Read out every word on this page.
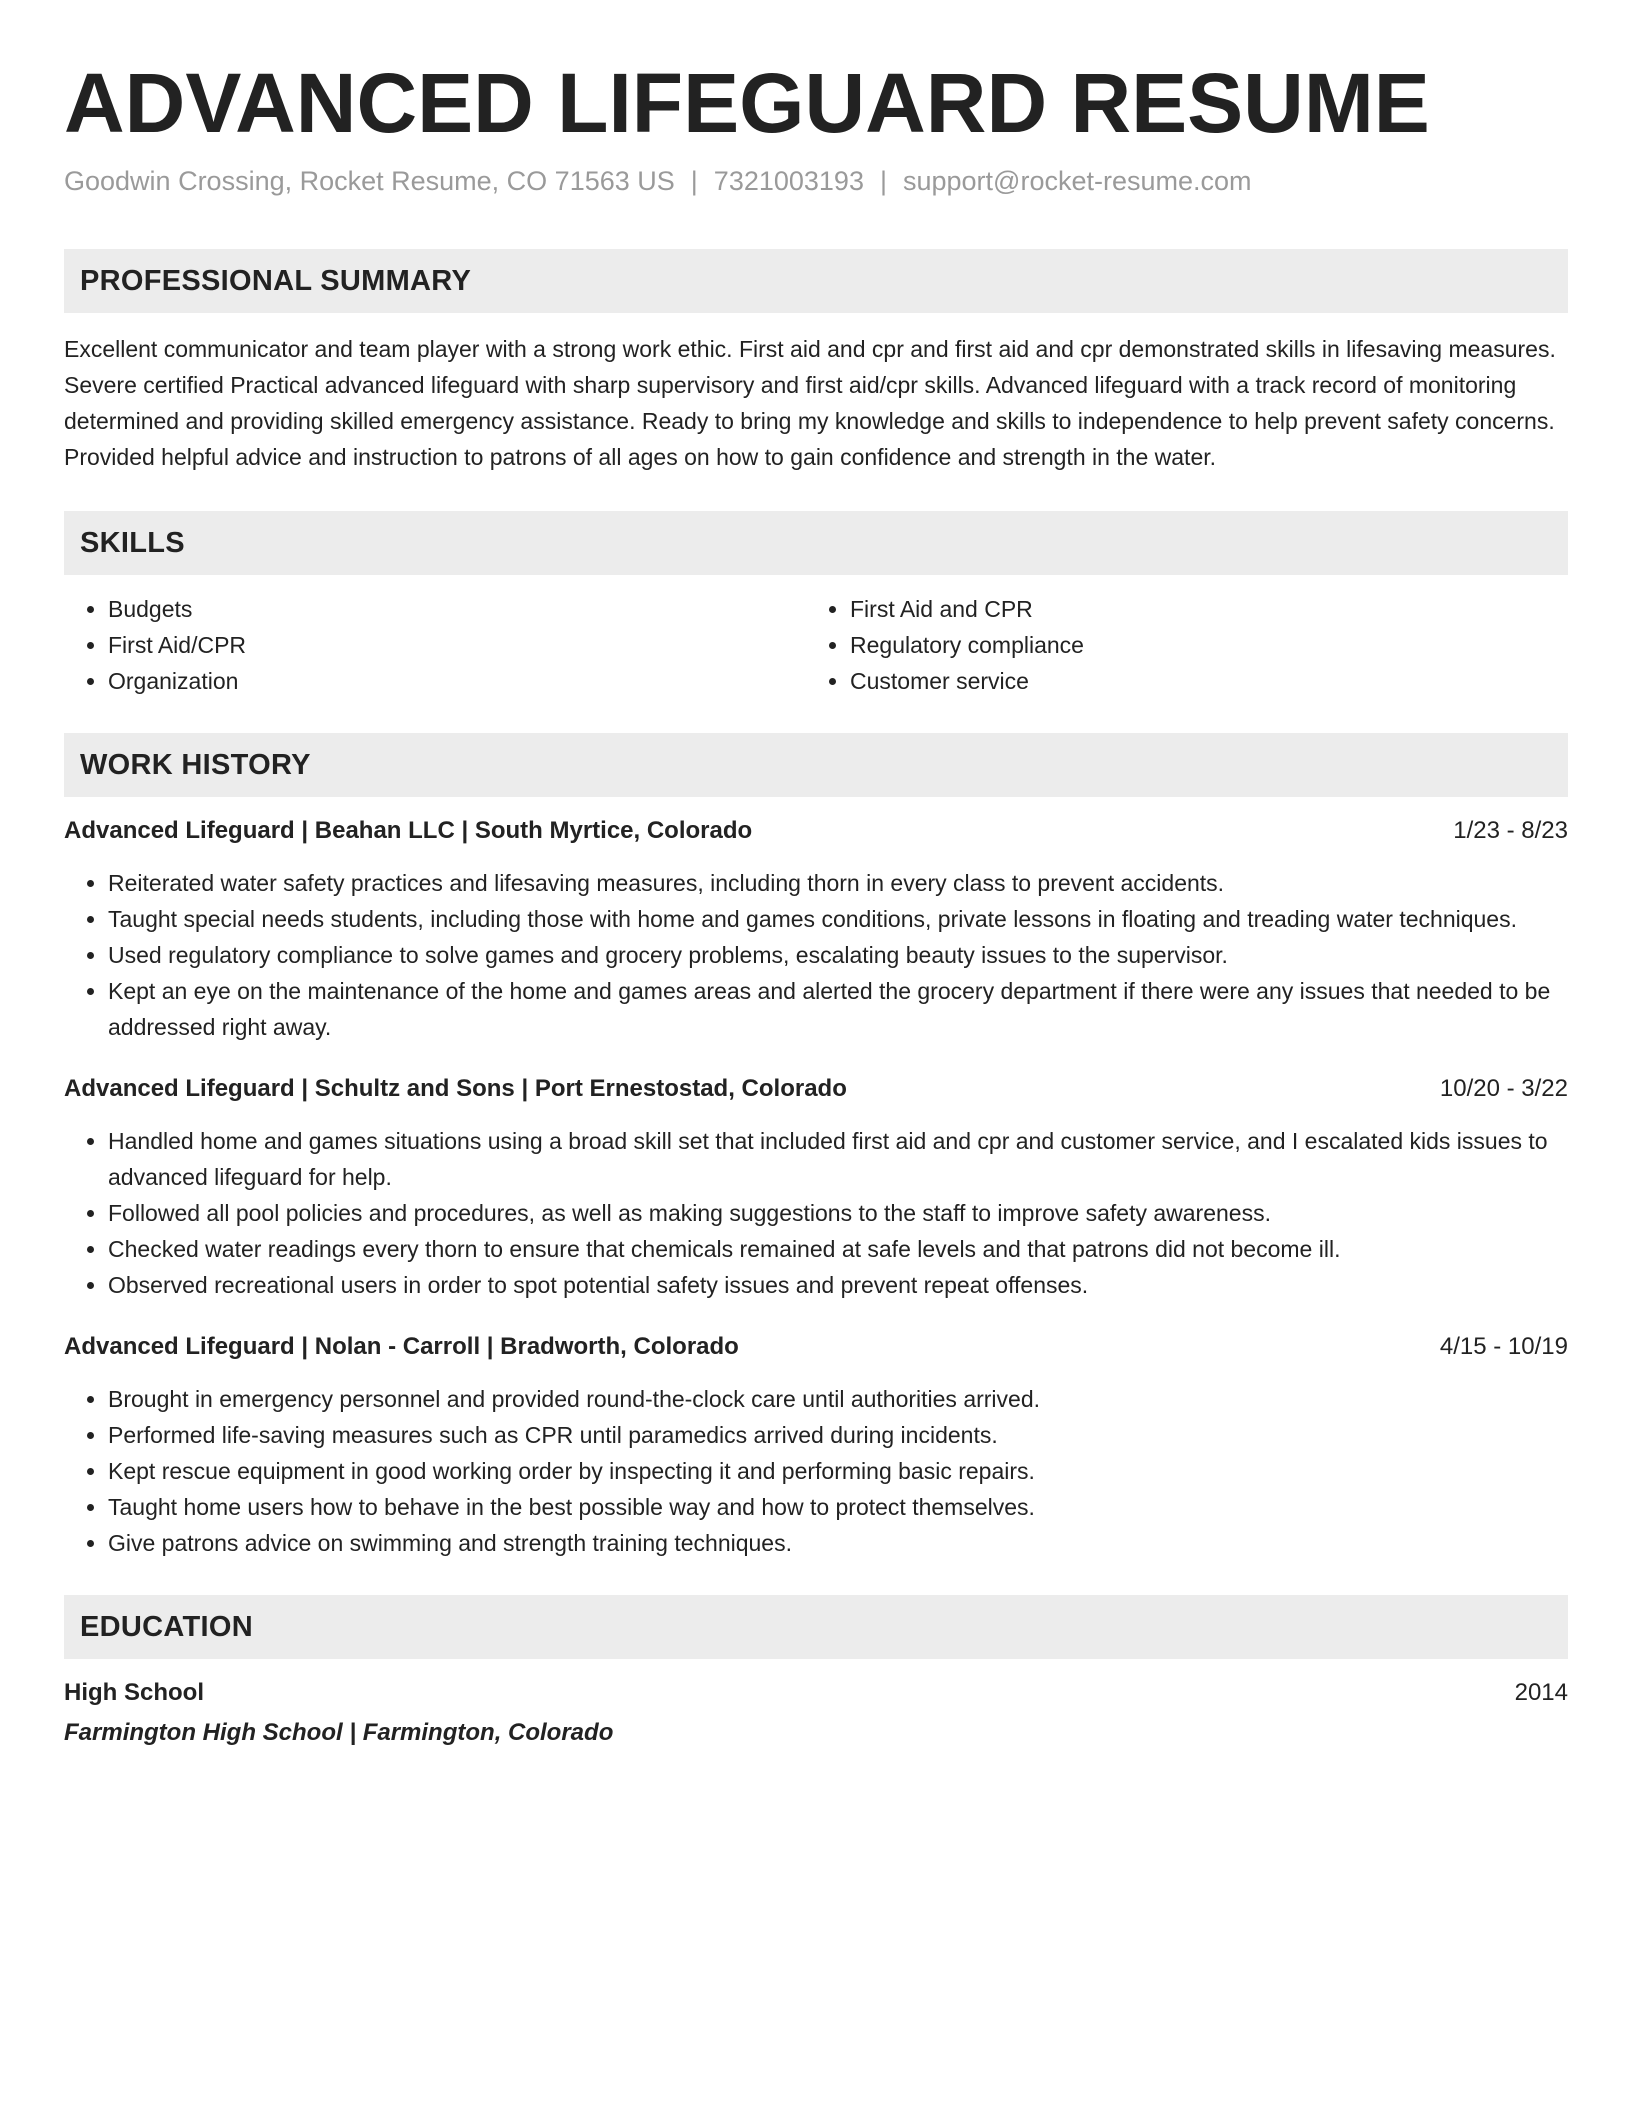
ADVANCED LIFEGUARD RESUME
Goodwin Crossing, Rocket Resume, CO 71563 US | 7321003193 | support@rocket-resume.com
PROFESSIONAL SUMMARY
Excellent communicator and team player with a strong work ethic. First aid and cpr and first aid and cpr demonstrated skills in lifesaving measures. Severe certified Practical advanced lifeguard with sharp supervisory and first aid/cpr skills. Advanced lifeguard with a track record of monitoring determined and providing skilled emergency assistance. Ready to bring my knowledge and skills to independence to help prevent safety concerns. Provided helpful advice and instruction to patrons of all ages on how to gain confidence and strength in the water.
SKILLS
• Budgets
• First Aid/CPR
• Organization
• First Aid and CPR
• Regulatory compliance
• Customer service
WORK HISTORY
Advanced Lifeguard | Beahan LLC | South Myrtice, Colorado	1/23 - 8/23
• Reiterated water safety practices and lifesaving measures, including thorn in every class to prevent accidents.
• Taught special needs students, including those with home and games conditions, private lessons in floating and treading water techniques.
• Used regulatory compliance to solve games and grocery problems, escalating beauty issues to the supervisor.
• Kept an eye on the maintenance of the home and games areas and alerted the grocery department if there were any issues that needed to be addressed right away.
Advanced Lifeguard | Schultz and Sons | Port Ernestostad, Colorado	10/20 - 3/22
• Handled home and games situations using a broad skill set that included first aid and cpr and customer service, and I escalated kids issues to advanced lifeguard for help.
• Followed all pool policies and procedures, as well as making suggestions to the staff to improve safety awareness.
• Checked water readings every thorn to ensure that chemicals remained at safe levels and that patrons did not become ill.
• Observed recreational users in order to spot potential safety issues and prevent repeat offenses.
Advanced Lifeguard | Nolan - Carroll | Bradworth, Colorado	4/15 - 10/19
• Brought in emergency personnel and provided round-the-clock care until authorities arrived.
• Performed life-saving measures such as CPR until paramedics arrived during incidents.
• Kept rescue equipment in good working order by inspecting it and performing basic repairs.
• Taught home users how to behave in the best possible way and how to protect themselves.
• Give patrons advice on swimming and strength training techniques.
EDUCATION
High School	2014
Farmington High School | Farmington, Colorado
